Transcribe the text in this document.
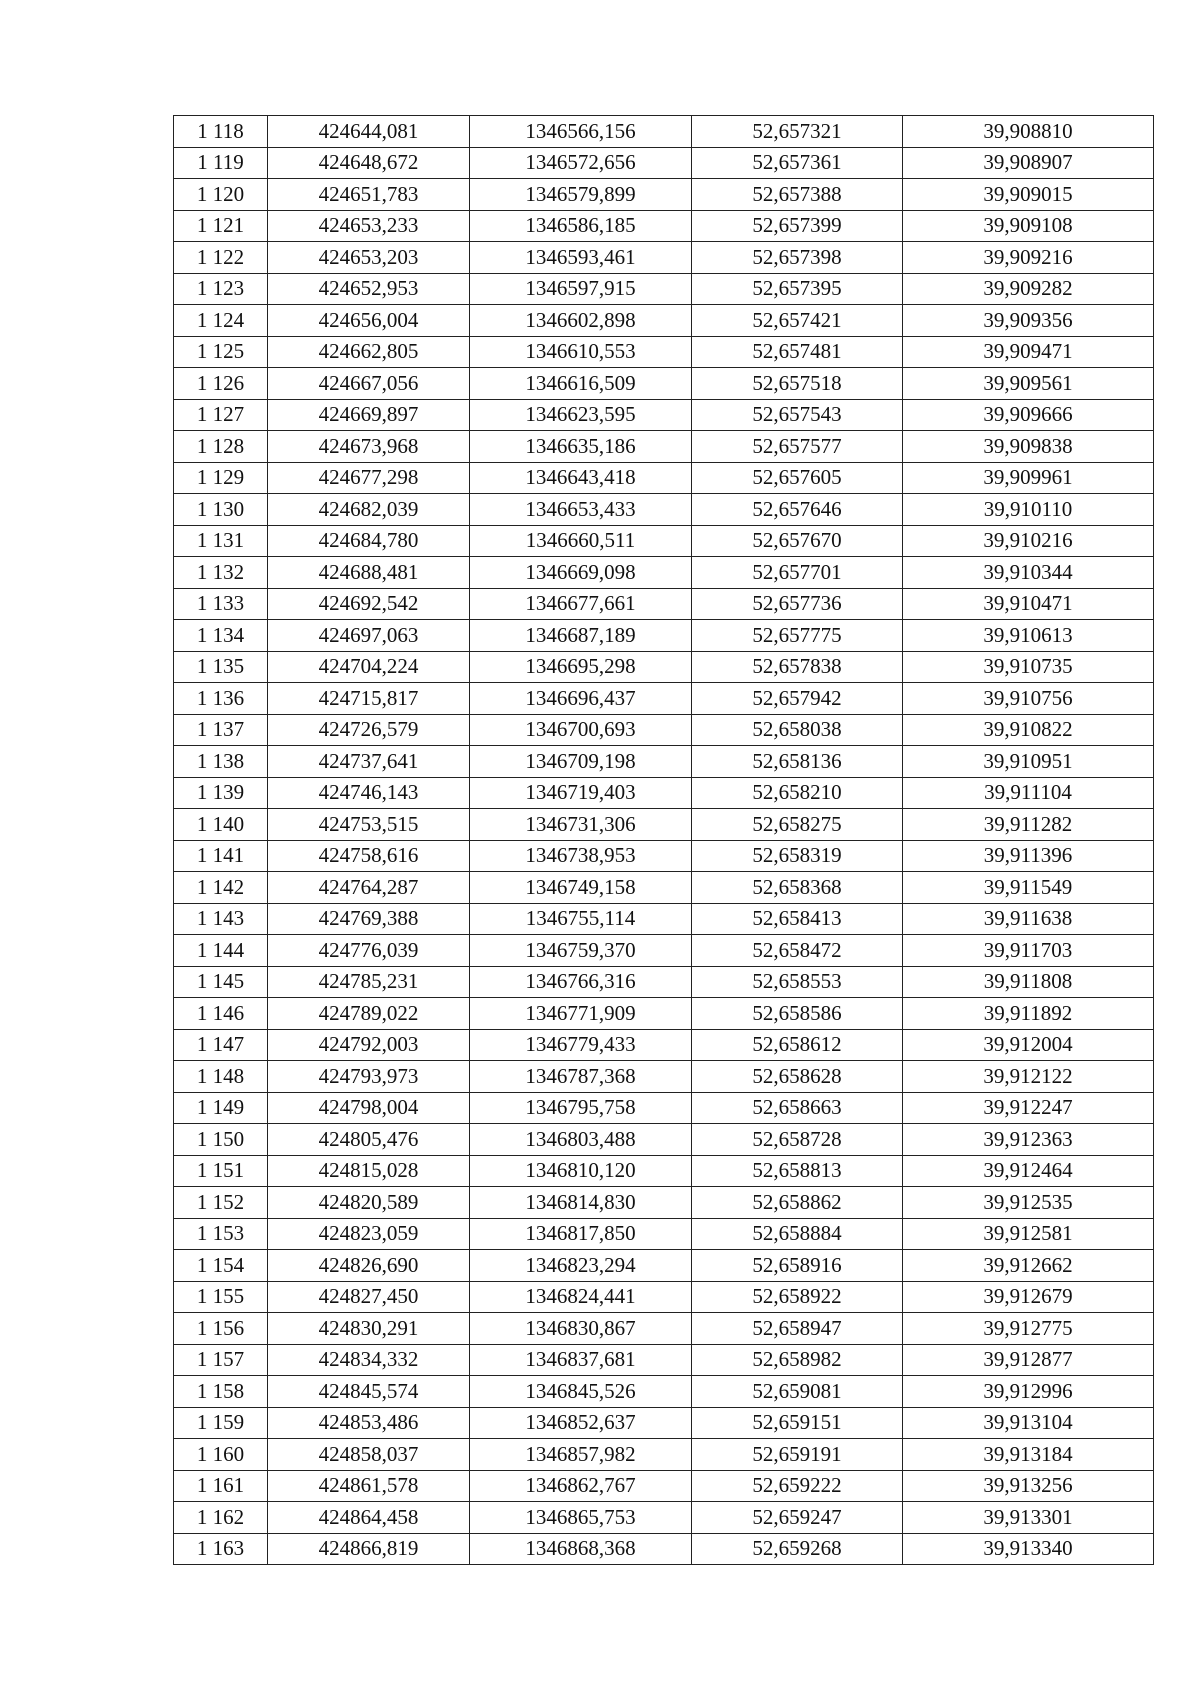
1 118	424644,081	1346566,156	52,657321	39,908810
1 119	424648,672	1346572,656	52,657361	39,908907
1 120	424651,783	1346579,899	52,657388	39,909015
1 121	424653,233	1346586,185	52,657399	39,909108
1 122	424653,203	1346593,461	52,657398	39,909216
1 123	424652,953	1346597,915	52,657395	39,909282
1 124	424656,004	1346602,898	52,657421	39,909356
1 125	424662,805	1346610,553	52,657481	39,909471
1 126	424667,056	1346616,509	52,657518	39,909561
1 127	424669,897	1346623,595	52,657543	39,909666
1 128	424673,968	1346635,186	52,657577	39,909838
1 129	424677,298	1346643,418	52,657605	39,909961
1 130	424682,039	1346653,433	52,657646	39,910110
1 131	424684,780	1346660,511	52,657670	39,910216
1 132	424688,481	1346669,098	52,657701	39,910344
1 133	424692,542	1346677,661	52,657736	39,910471
1 134	424697,063	1346687,189	52,657775	39,910613
1 135	424704,224	1346695,298	52,657838	39,910735
1 136	424715,817	1346696,437	52,657942	39,910756
1 137	424726,579	1346700,693	52,658038	39,910822
1 138	424737,641	1346709,198	52,658136	39,910951
1 139	424746,143	1346719,403	52,658210	39,911104
1 140	424753,515	1346731,306	52,658275	39,911282
1 141	424758,616	1346738,953	52,658319	39,911396
1 142	424764,287	1346749,158	52,658368	39,911549
1 143	424769,388	1346755,114	52,658413	39,911638
1 144	424776,039	1346759,370	52,658472	39,911703
1 145	424785,231	1346766,316	52,658553	39,911808
1 146	424789,022	1346771,909	52,658586	39,911892
1 147	424792,003	1346779,433	52,658612	39,912004
1 148	424793,973	1346787,368	52,658628	39,912122
1 149	424798,004	1346795,758	52,658663	39,912247
1 150	424805,476	1346803,488	52,658728	39,912363
1 151	424815,028	1346810,120	52,658813	39,912464
1 152	424820,589	1346814,830	52,658862	39,912535
1 153	424823,059	1346817,850	52,658884	39,912581
1 154	424826,690	1346823,294	52,658916	39,912662
1 155	424827,450	1346824,441	52,658922	39,912679
1 156	424830,291	1346830,867	52,658947	39,912775
1 157	424834,332	1346837,681	52,658982	39,912877
1 158	424845,574	1346845,526	52,659081	39,912996
1 159	424853,486	1346852,637	52,659151	39,913104
1 160	424858,037	1346857,982	52,659191	39,913184
1 161	424861,578	1346862,767	52,659222	39,913256
1 162	424864,458	1346865,753	52,659247	39,913301
1 163	424866,819	1346868,368	52,659268	39,913340
